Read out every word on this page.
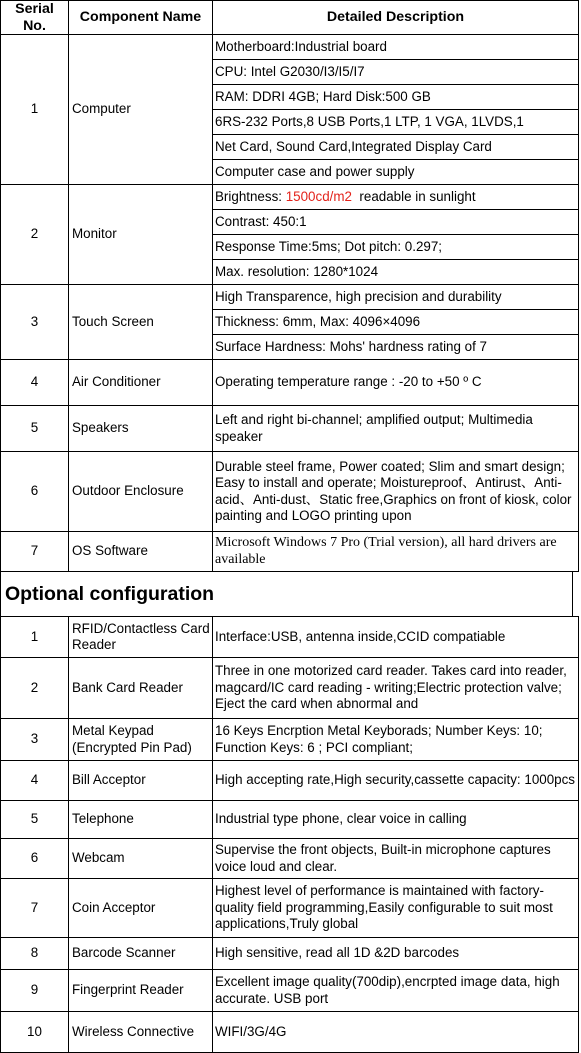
Serial No.	Component Name	Detailed Description
1	Computer	Motherboard:Industrial board
		CPU: Intel G2030/I3/I5/I7
		RAM: DDRI 4GB; Hard Disk:500 GB
		6RS-232 Ports,8 USB Ports,1 LTP, 1 VGA, 1LVDS,1
		Net Card, Sound Card,Integrated Display Card
		Computer case and power supply
2	Monitor	Brightness: 1500cd/m2  readable in sunlight
		Contrast: 450:1
		Response Time:5ms; Dot pitch: 0.297;
		Max. resolution: 1280*1024
3	Touch Screen	High Transparence, high precision and durability
		Thickness: 6mm, Max: 4096×4096
		Surface Hardness: Mohs' hardness rating of 7
4	Air Conditioner	Operating temperature range : -20 to +50 º C
5	Speakers	Left and right bi-channel; amplified output; Multimedia speaker
6	Outdoor Enclosure	Durable steel frame, Power coated; Slim and smart design; Easy to install and operate; Moistureproof、Antirust、Anti-acid、Anti-dust、Static free,Graphics on front of kiosk, color painting and LOGO printing upon
7	OS Software	Microsoft Windows 7 Pro (Trial version), all hard drivers are available
Optional configuration
1	RFID/Contactless Card Reader	Interface:USB, antenna inside,CCID compatiable
2	Bank Card Reader	Three in one motorized card reader. Takes card into reader, magcard/IC card reading - writing;Electric protection valve; Eject the card when abnormal and
3	Metal Keypad (Encrypted Pin Pad)	16 Keys Encrption Metal Keyborads; Number Keys: 10; Function Keys: 6 ; PCI compliant;
4	Bill Acceptor	High accepting rate,High security,cassette capacity: 1000pcs
5	Telephone	Industrial type phone, clear voice in calling
6	Webcam	Supervise the front objects, Built-in microphone captures voice loud and clear.
7	Coin Acceptor	Highest level of performance is maintained with factory-quality field programming,Easily configurable to suit most applications,Truly global
8	Barcode Scanner	High sensitive, read all 1D &2D barcodes
9	Fingerprint Reader	Excellent image quality(700dip),encrpted image data, high accurate. USB port
10	Wireless Connective	WIFI/3G/4G
